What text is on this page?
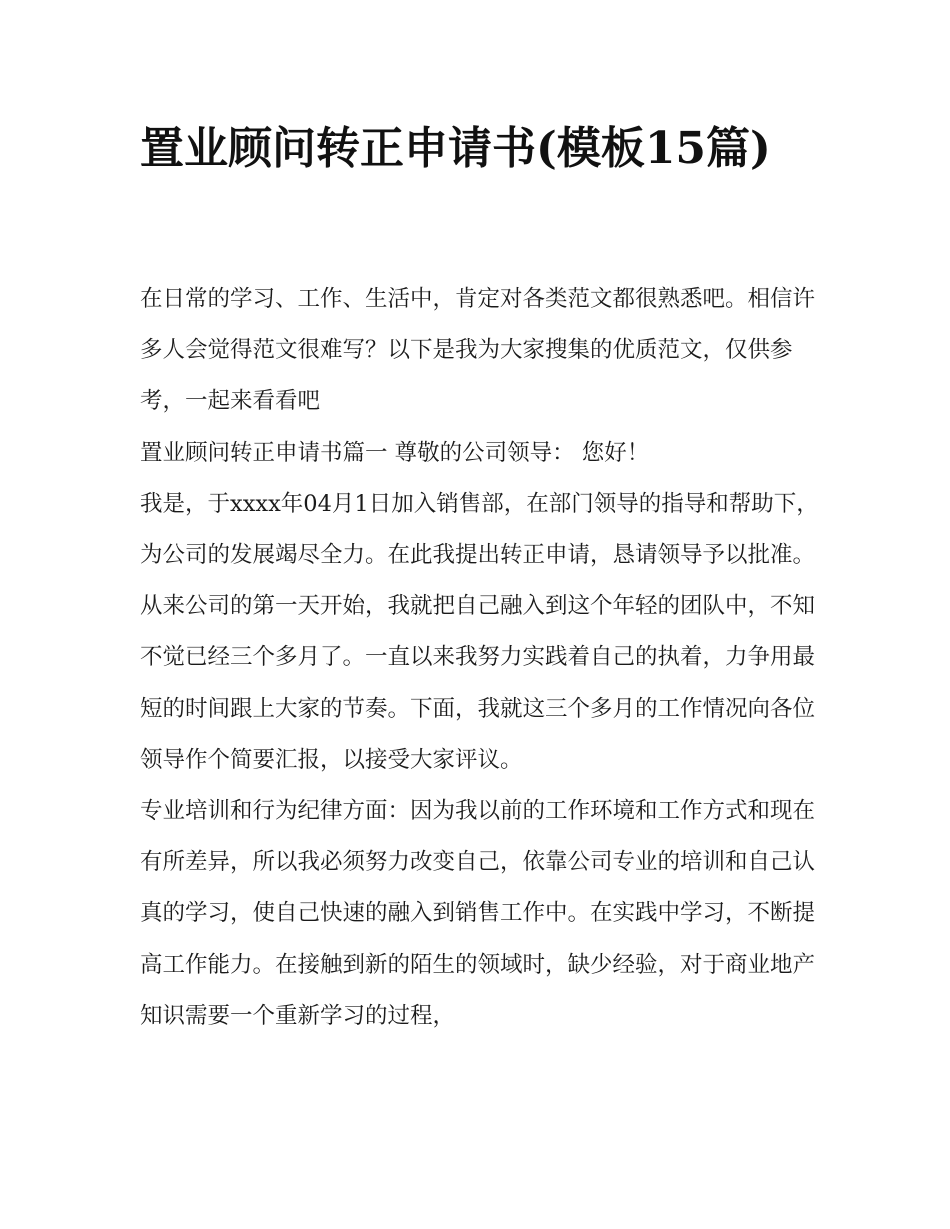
置业顾问转正申请书(模板15篇)

在日常的学习、工作、生活中，肯定对各类范文都很熟悉吧。相信许多人会觉得范文很难写？以下是我为大家搜集的优质范文，仅供参考，一起来看看吧

置业顾问转正申请书篇一 尊敬的公司领导： 您好！

我是，于xxxx年04月1日加入销售部，在部门领导的指导和帮助下，为公司的发展竭尽全力。在此我提出转正申请，恳请领导予以批准。

从来公司的第一天开始，我就把自己融入到这个年轻的团队中，不知不觉已经三个多月了。一直以来我努力实践着自己的执着，力争用最短的时间跟上大家的节奏。下面，我就这三个多月的工作情况向各位领导作个简要汇报，以接受大家评议。

专业培训和行为纪律方面：因为我以前的工作环境和工作方式和现在有所差异，所以我必须努力改变自己，依靠公司专业的培训和自己认真的学习，使自己快速的融入到销售工作中。在实践中学习，不断提高工作能力。在接触到新的陌生的领域时，缺少经验，对于商业地产知识需要一个重新学习的过程，
